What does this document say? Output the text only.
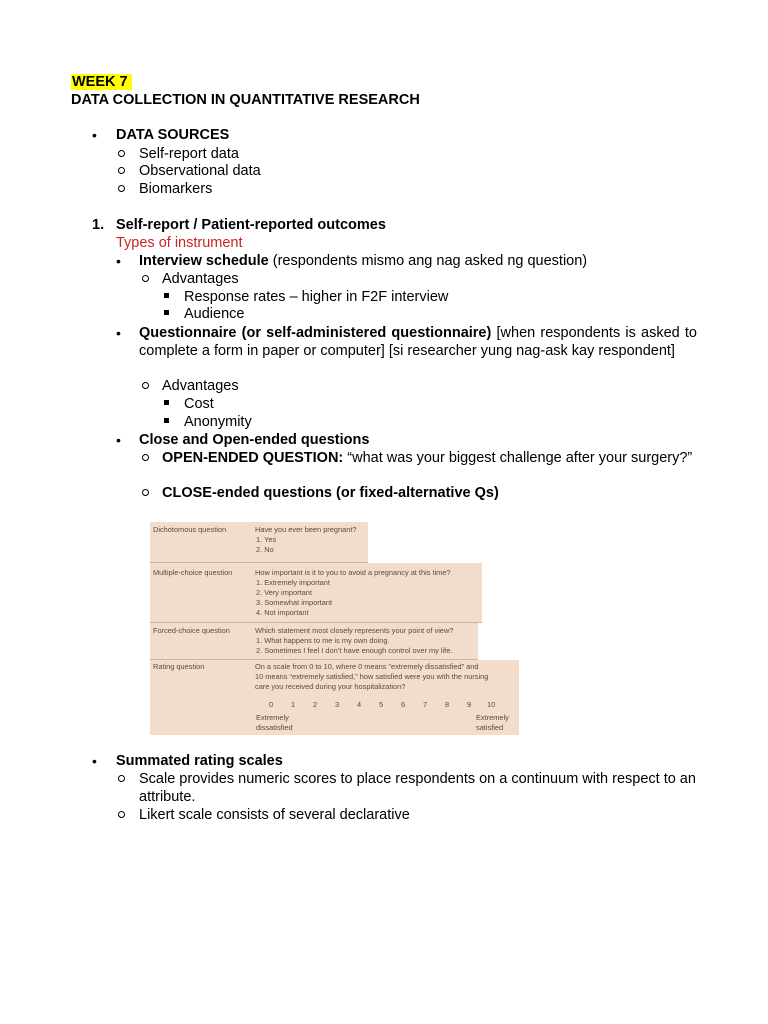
WEEK 7
DATA COLLECTION IN QUANTITATIVE RESEARCH
• DATA SOURCES
Self-report data
Observational data
Biomarkers
1. Self-report / Patient-reported outcomes
Types of instrument
• Interview schedule (respondents mismo ang nag asked ng question)
Advantages
Response rates – higher in F2F interview
Audience
• Questionnaire (or self-administered questionnaire) [when respondents is asked to complete a form in paper or computer] [si researcher yung nag-ask kay respondent]
Advantages
Cost
Anonymity
• Close and Open-ended questions
OPEN-ENDED QUESTION: “what was your biggest challenge after your surgery?”
CLOSE-ended questions (or fixed-alternative Qs)
Dichotomous question	Have you ever been pregnant?
1. Yes
2. No
Multiple-choice question	How important is it to you to avoid a pregnancy at this time?
1. Extremely important
2. Very important
3. Somewhat important
4. Not important
Forced-choice question	Which statement most closely represents your point of view?
1. What happens to me is my own doing.
2. Sometimes I feel I don’t have enough control over my life.
Rating question	On a scale from 0 to 10, where 0 means “extremely dissatisfied” and
10 means “extremely satisfied,” how satisfied were you with the nursing
care you received during your hospitalization?
0 1 2 3 4 5 6 7 8 9 10
Extremely
dissatisfied
Extremely
satisfied
• Summated rating scales
Scale provides numeric scores to place respondents on a continuum with respect to an attribute.
Likert scale consists of several declarative
